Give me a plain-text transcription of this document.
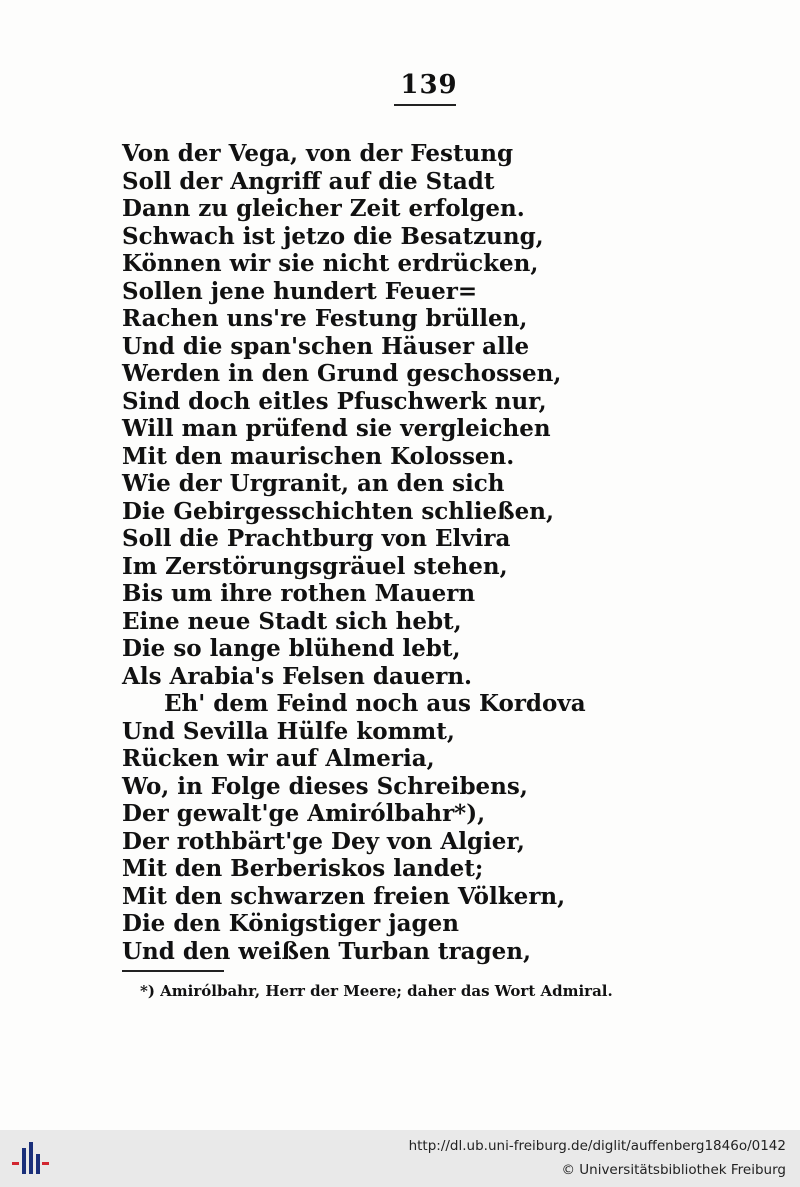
139
Von der Vega, von der Festung
Soll der Angriff auf die Stadt
Dann zu gleicher Zeit erfolgen.
Schwach ist jetzo die Besatzung,
Können wir sie nicht erdrücken,
Sollen jene hundert Feuer=
Rachen uns're Festung brüllen,
Und die span'schen Häuser alle
Werden in den Grund geschossen,
Sind doch eitles Pfuschwerk nur,
Will man prüfend sie vergleichen
Mit den maurischen Kolossen.
Wie der Urgranit, an den sich
Die Gebirgesschichten schließen,
Soll die Prachtburg von Elvira
Im Zerstörungsgräuel stehen,
Bis um ihre rothen Mauern
Eine neue Stadt sich hebt,
Die so lange blühend lebt,
Als Arabia's Felsen dauern.
Eh' dem Feind noch aus Kordova
Und Sevilla Hülfe kommt,
Rücken wir auf Almeria,
Wo, in Folge dieses Schreibens,
Der gewalt'ge Amirólbahr*),
Der rothbärt'ge Dey von Algier,
Mit den Berberiskos landet;
Mit den schwarzen freien Völkern,
Die den Königstiger jagen
Und den weißen Turban tragen,
*) Amirólbahr, Herr der Meere; daher das Wort Admiral.
http://dl.ub.uni-freiburg.de/diglit/auffenberg1846o/0142
© Universitätsbibliothek Freiburg
